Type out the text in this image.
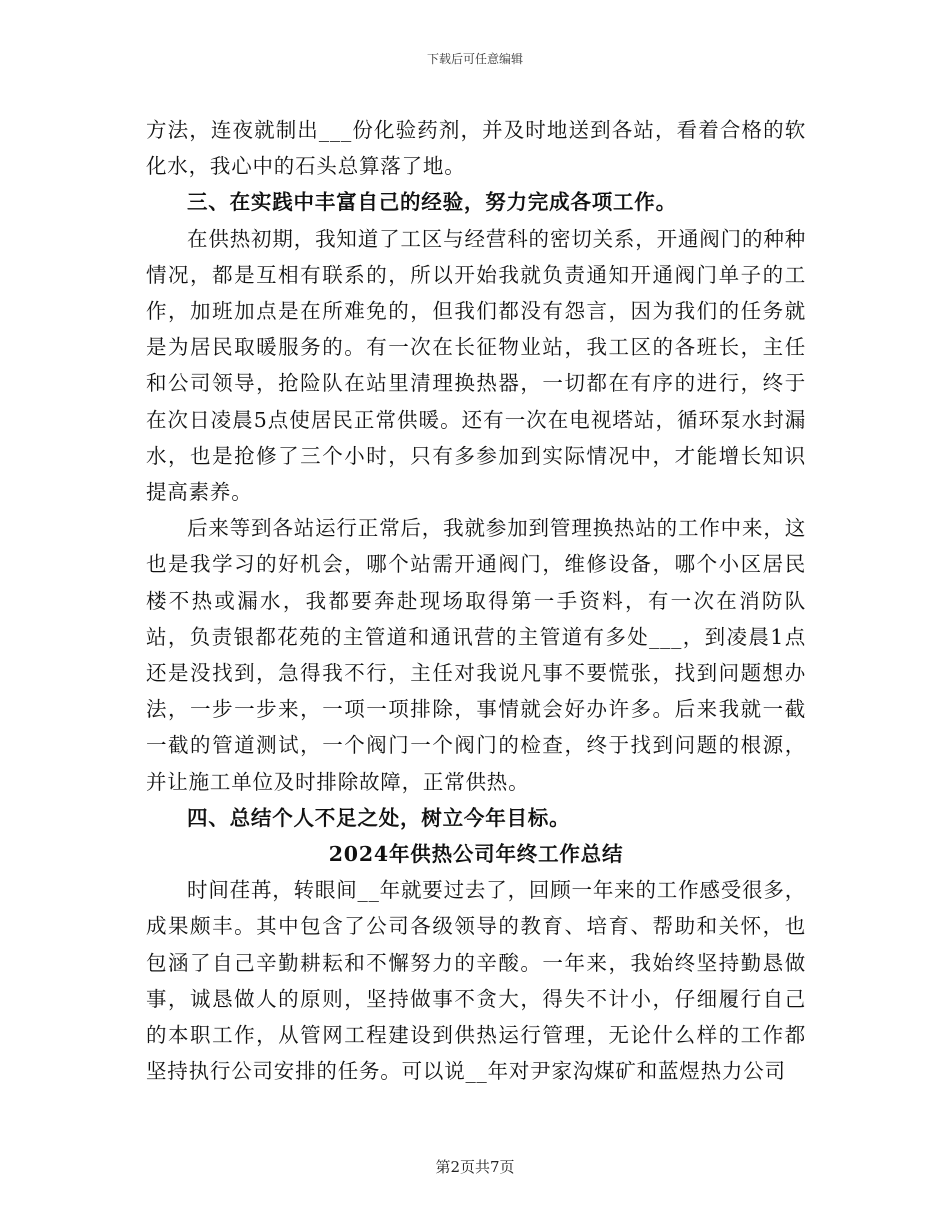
下载后可任意编辑

方法，连夜就制出___份化验药剂，并及时地送到各站，看着合格的软化水，我心中的石头总算落了地。

三、在实践中丰富自己的经验，努力完成各项工作。

在供热初期，我知道了工区与经营科的密切关系，开通阀门的种种情况，都是互相有联系的，所以开始我就负责通知开通阀门单子的工作，加班加点是在所难免的，但我们都没有怨言，因为我们的任务就是为居民取暖服务的。有一次在长征物业站，我工区的各班长，主任和公司领导，抢险队在站里清理换热器，一切都在有序的进行，终于在次日凌晨5点使居民正常供暖。还有一次在电视塔站，循环泵水封漏水，也是抢修了三个小时，只有多参加到实际情况中，才能增长知识提高素养。

后来等到各站运行正常后，我就参加到管理换热站的工作中来，这也是我学习的好机会，哪个站需开通阀门，维修设备，哪个小区居民楼不热或漏水，我都要奔赴现场取得第一手资料，有一次在消防队站，负责银都花苑的主管道和通讯营的主管道有多处___，到凌晨1点还是没找到，急得我不行，主任对我说凡事不要慌张，找到问题想办法，一步一步来，一项一项排除，事情就会好办许多。后来我就一截一截的管道测试，一个阀门一个阀门的检查，终于找到问题的根源，并让施工单位及时排除故障，正常供热。

四、总结个人不足之处，树立今年目标。

2024年供热公司年终工作总结

时间荏苒，转眼间__年就要过去了，回顾一年来的工作感受很多，成果颇丰。其中包含了公司各级领导的教育、培育、帮助和关怀，也包涵了自己辛勤耕耘和不懈努力的辛酸。一年来，我始终坚持勤恳做事，诚恳做人的原则，坚持做事不贪大，得失不计小，仔细履行自己的本职工作，从管网工程建设到供热运行管理，无论什么样的工作都坚持执行公司安排的任务。可以说__年对尹家沟煤矿和蓝煜热力公司

第2页共7页
